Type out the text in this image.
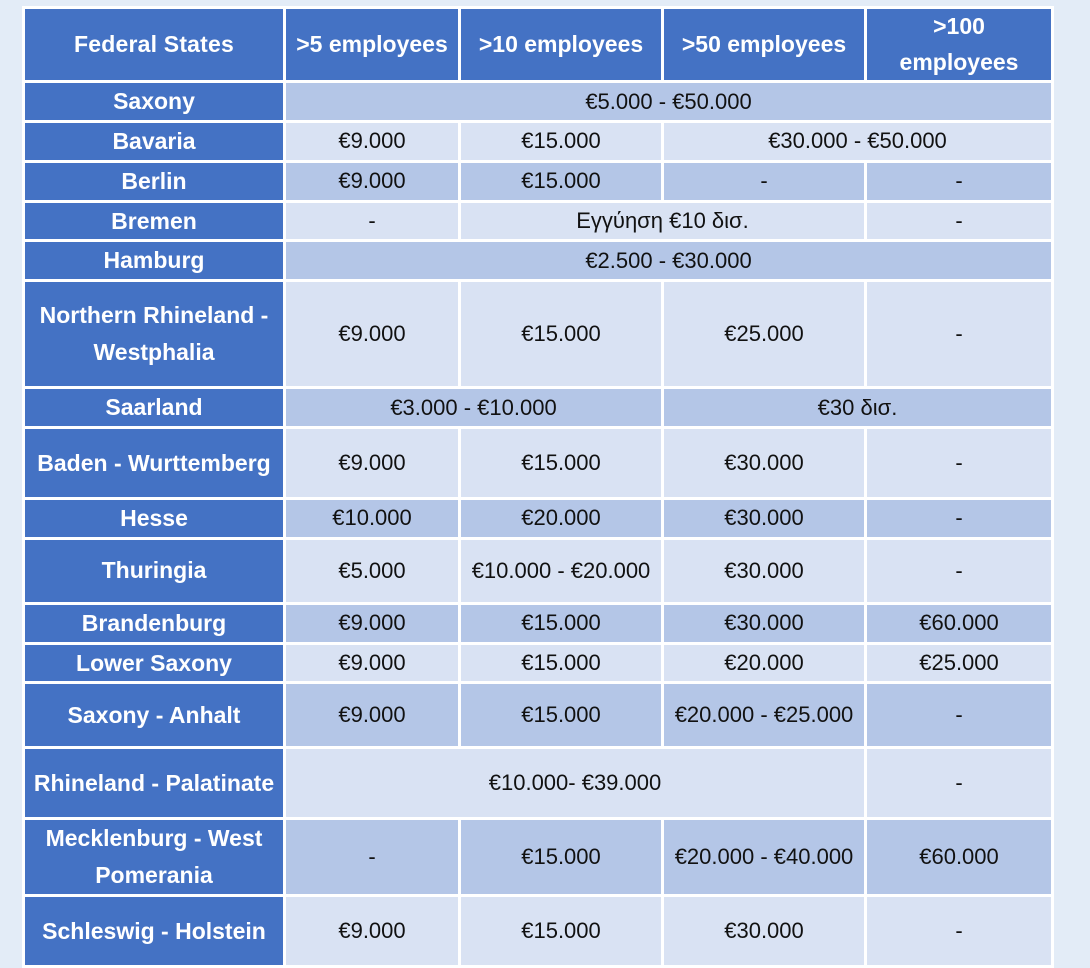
Federal States	>5 employees	>10 employees	>50 employees	>100 employees
Saxony	€5.000 - €50.000			
Bavaria	€9.000	€15.000	€30.000 - €50.000	
Berlin	€9.000	€15.000	-	-
Bremen	-	Εγγύηση €10 δισ.		-
Hamburg	€2.500 - €30.000			
Northern Rhineland - Westphalia	€9.000	€15.000	€25.000	-
Saarland	€3.000 - €10.000		€30 δισ.	
Baden - Wurttemberg	€9.000	€15.000	€30.000	-
Hesse	€10.000	€20.000	€30.000	-
Thuringia	€5.000	€10.000 - €20.000	€30.000	-
Brandenburg	€9.000	€15.000	€30.000	€60.000
Lower Saxony	€9.000	€15.000	€20.000	€25.000
Saxony - Anhalt	€9.000	€15.000	€20.000 - €25.000	-
Rhineland - Palatinate	€10.000- €39.000			-
Mecklenburg - West Pomerania	-	€15.000	€20.000 - €40.000	€60.000
Schleswig - Holstein	€9.000	€15.000	€30.000	-
